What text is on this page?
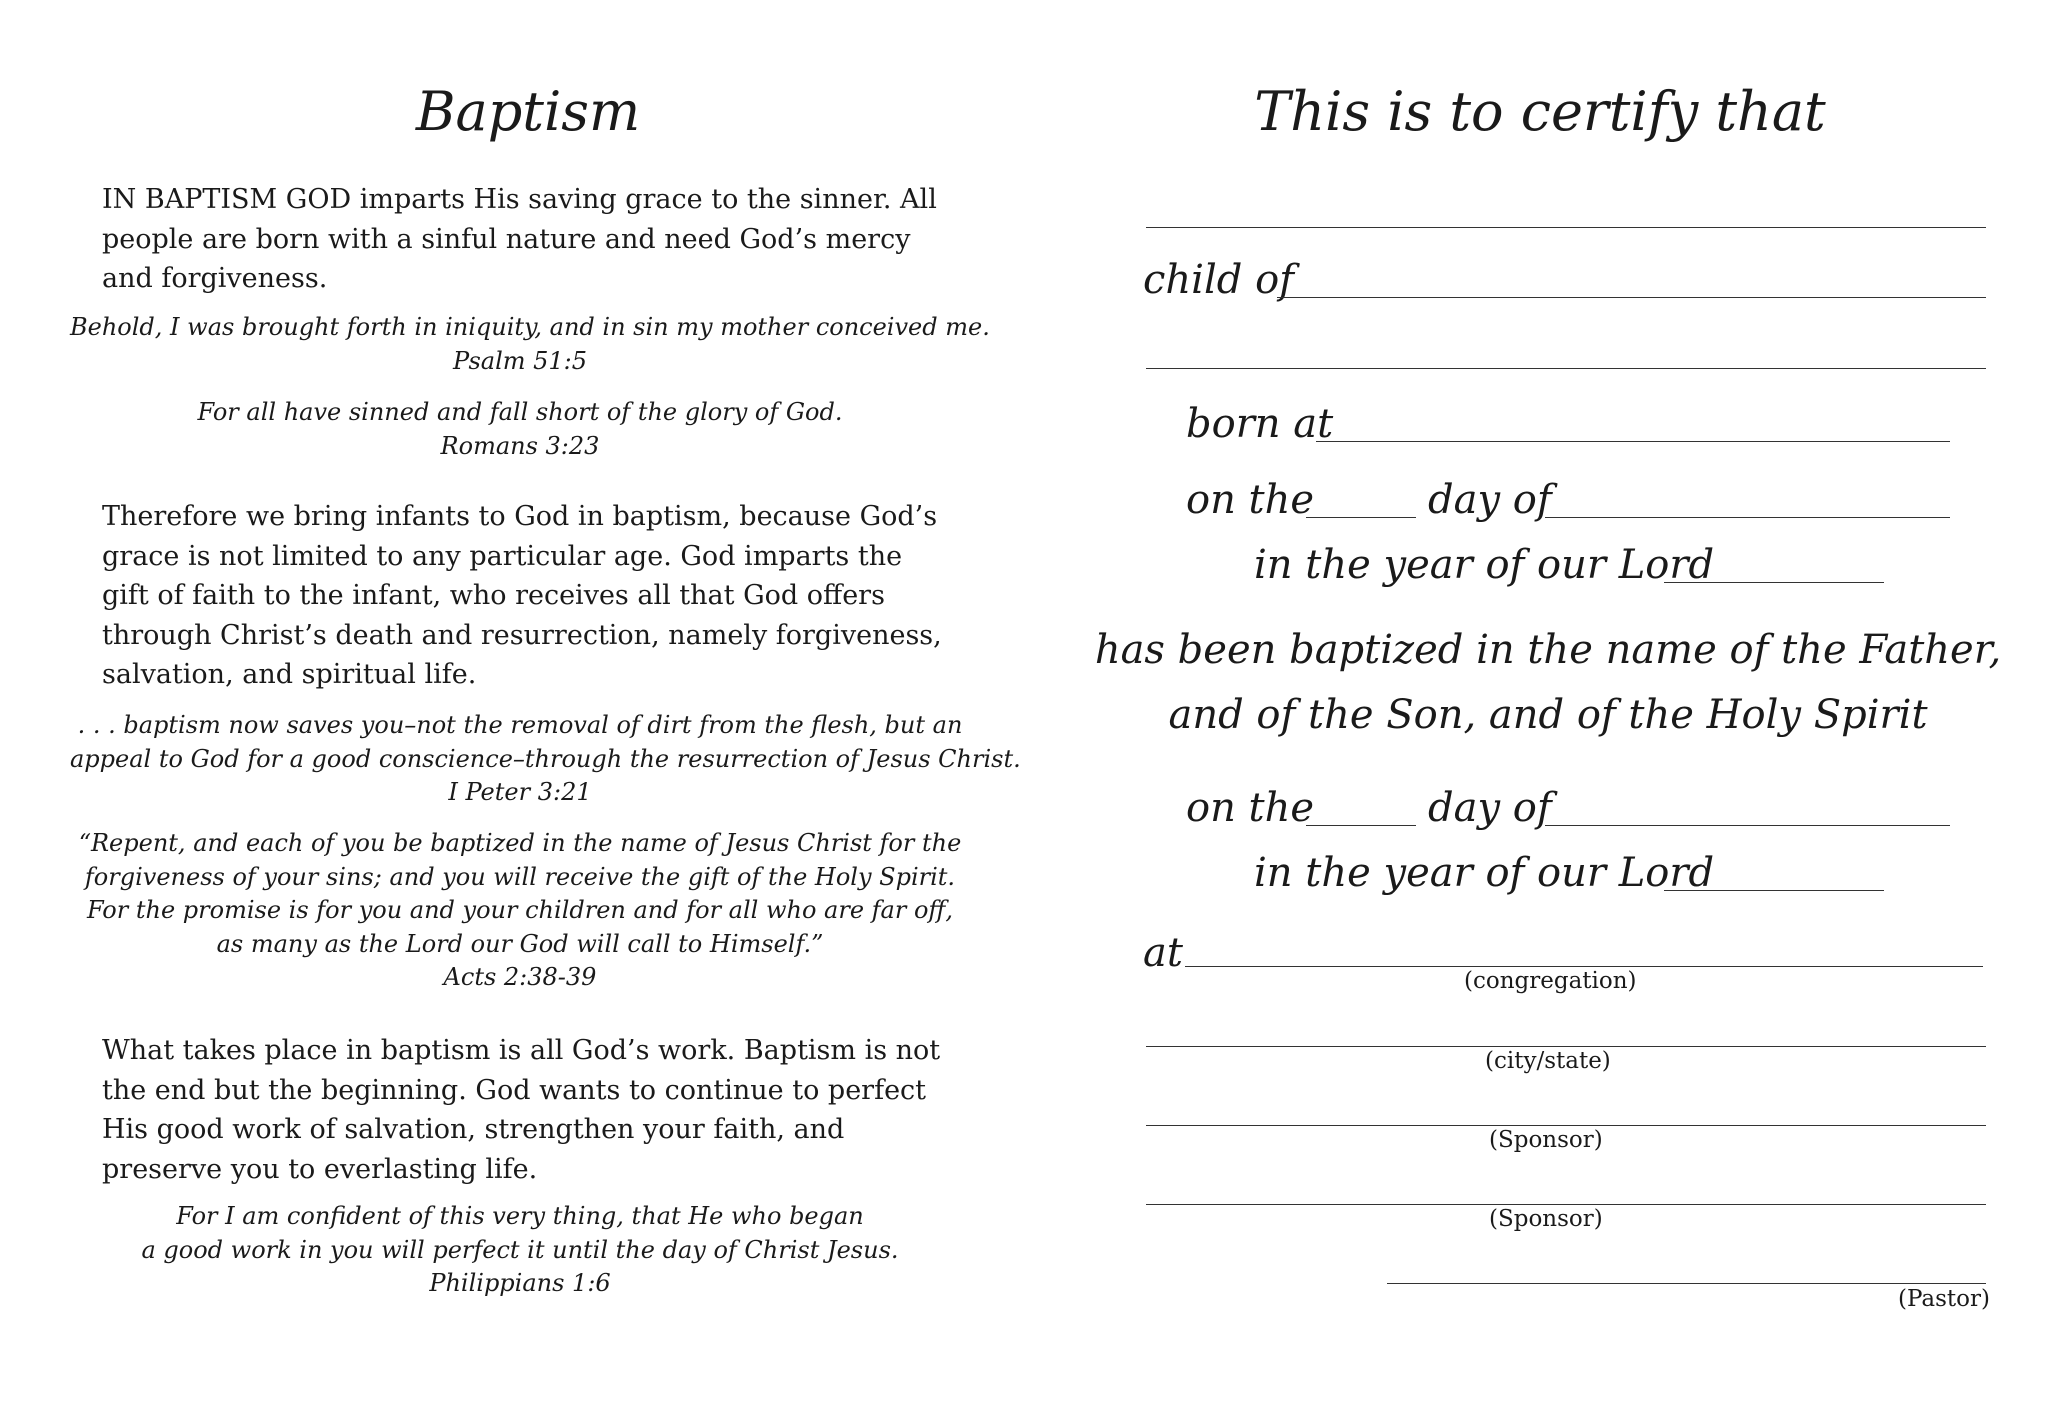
Baptism

IN BAPTISM GOD imparts His saving grace to the sinner. All people are born with a sinful nature and need God’s mercy and forgiveness.

Behold, I was brought forth in iniquity, and in sin my mother conceived me.
Psalm 51:5

For all have sinned and fall short of the glory of God.
Romans 3:23

Therefore we bring infants to God in baptism, because God’s grace is not limited to any particular age. God imparts the gift of faith to the infant, who receives all that God offers through Christ’s death and resurrection, namely forgiveness, salvation, and spiritual life.

. . . baptism now saves you–not the removal of dirt from the flesh, but an
appeal to God for a good conscience–through the resurrection of Jesus Christ.
I Peter 3:21

“Repent, and each of you be baptized in the name of Jesus Christ for the
forgiveness of your sins; and you will receive the gift of the Holy Spirit.
For the promise is for you and your children and for all who are far off,
as many as the Lord our God will call to Himself.”
Acts 2:38-39

What takes place in baptism is all God’s work. Baptism is not the end but the beginning. God wants to continue to perfect His good work of salvation, strengthen your faith, and preserve you to everlasting life.

For I am confident of this very thing, that He who began
a good work in you will perfect it until the day of Christ Jesus.
Philippians 1:6

This is to certify that
child of
born at
on the	day of
in the year of our Lord
has been baptized in the name of the Father,
and of the Son, and of the Holy Spirit
on the	day of
in the year of our Lord
at
(congregation)
(city/state)
(Sponsor)
(Sponsor)
(Pastor)
